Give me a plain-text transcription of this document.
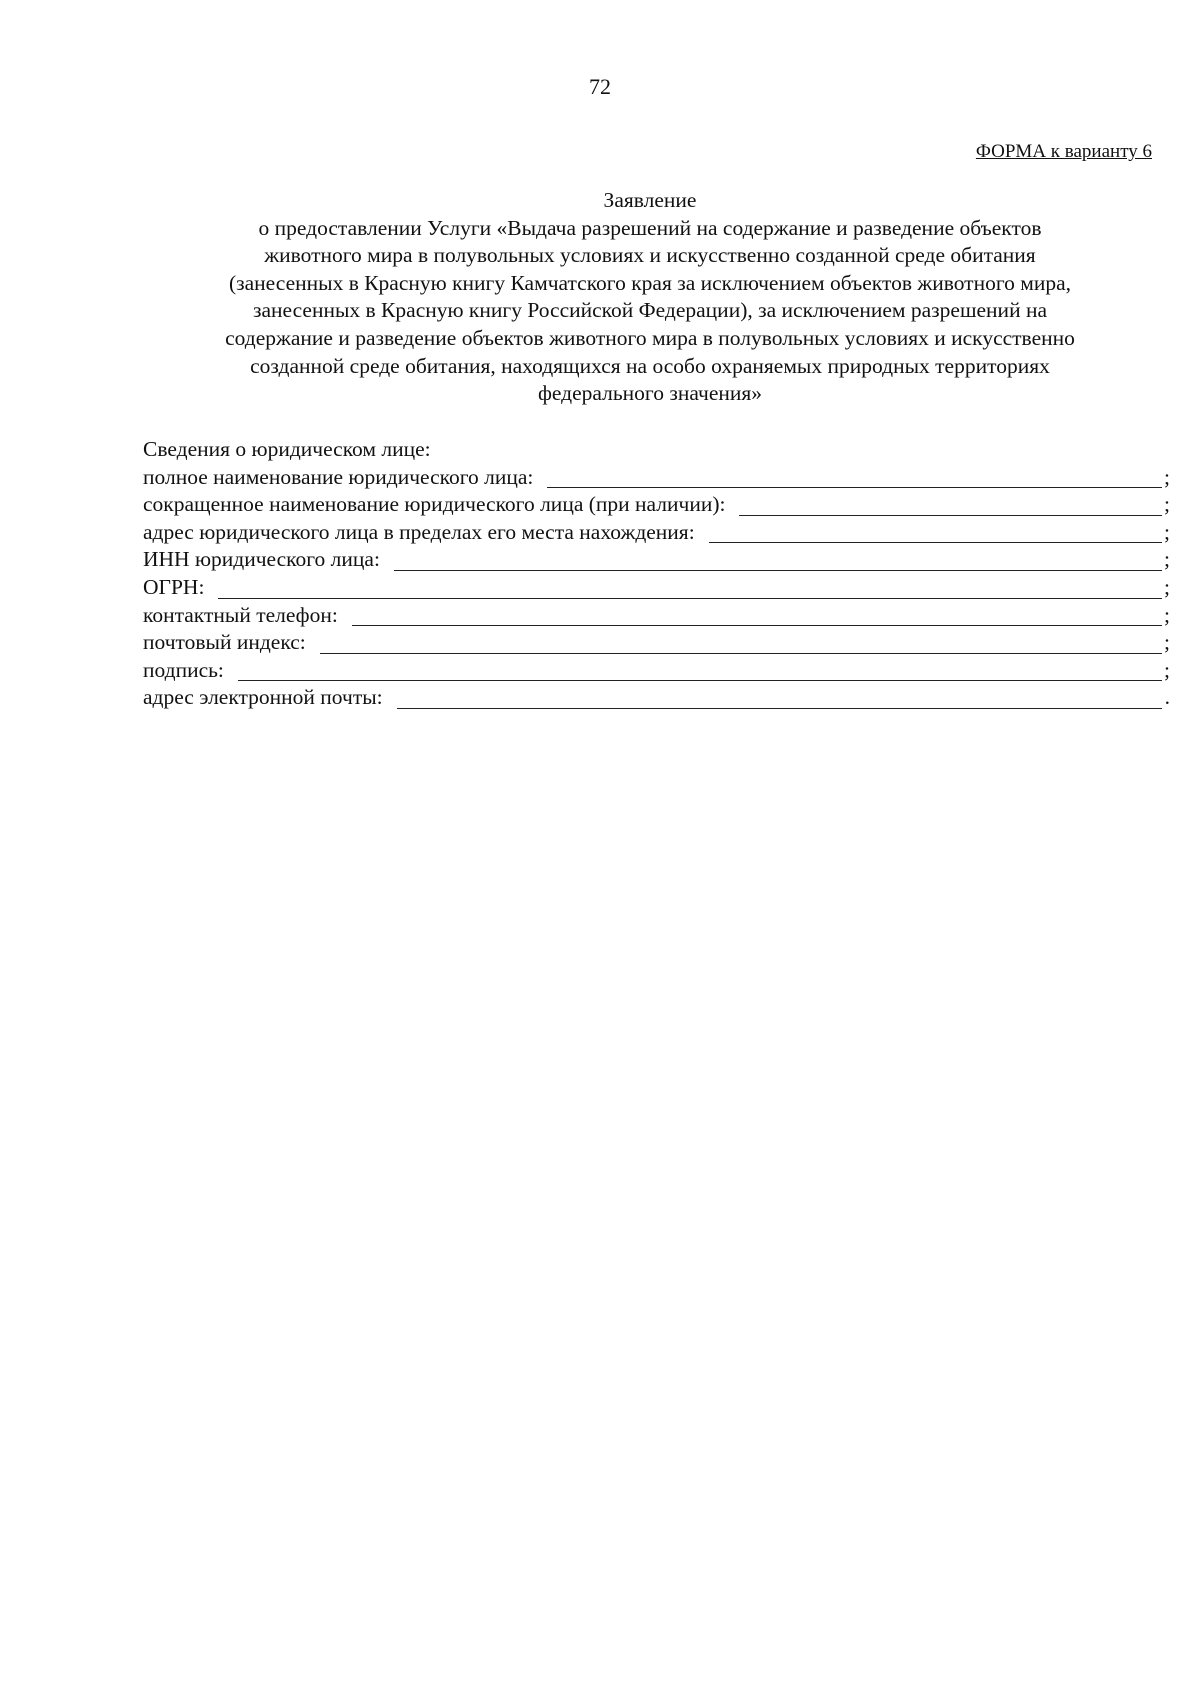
72
ФОРМА к варианту 6
Заявление
о предоставлении Услуги «Выдача разрешений на содержание и разведение объектов
животного мира в полувольных условиях и искусственно созданной среде обитания
(занесенных в Красную книгу Камчатского края за исключением объектов животного мира,
занесенных в Красную книгу Российской Федерации), за исключением разрешений на
содержание и разведение объектов животного мира в полувольных условиях и искусственно
созданной среде обитания, находящихся на особо охраняемых природных территориях
федерального значения»
Сведения о юридическом лице:
полное наименование юридического лица:	;
сокращенное наименование юридического лица (при наличии):	;
адрес юридического лица в пределах его места нахождения:	;
ИНН юридического лица:	;
ОГРН:	;
контактный телефон:	;
почтовый индекс:	;
подпись:	;
адрес электронной почты:	.
